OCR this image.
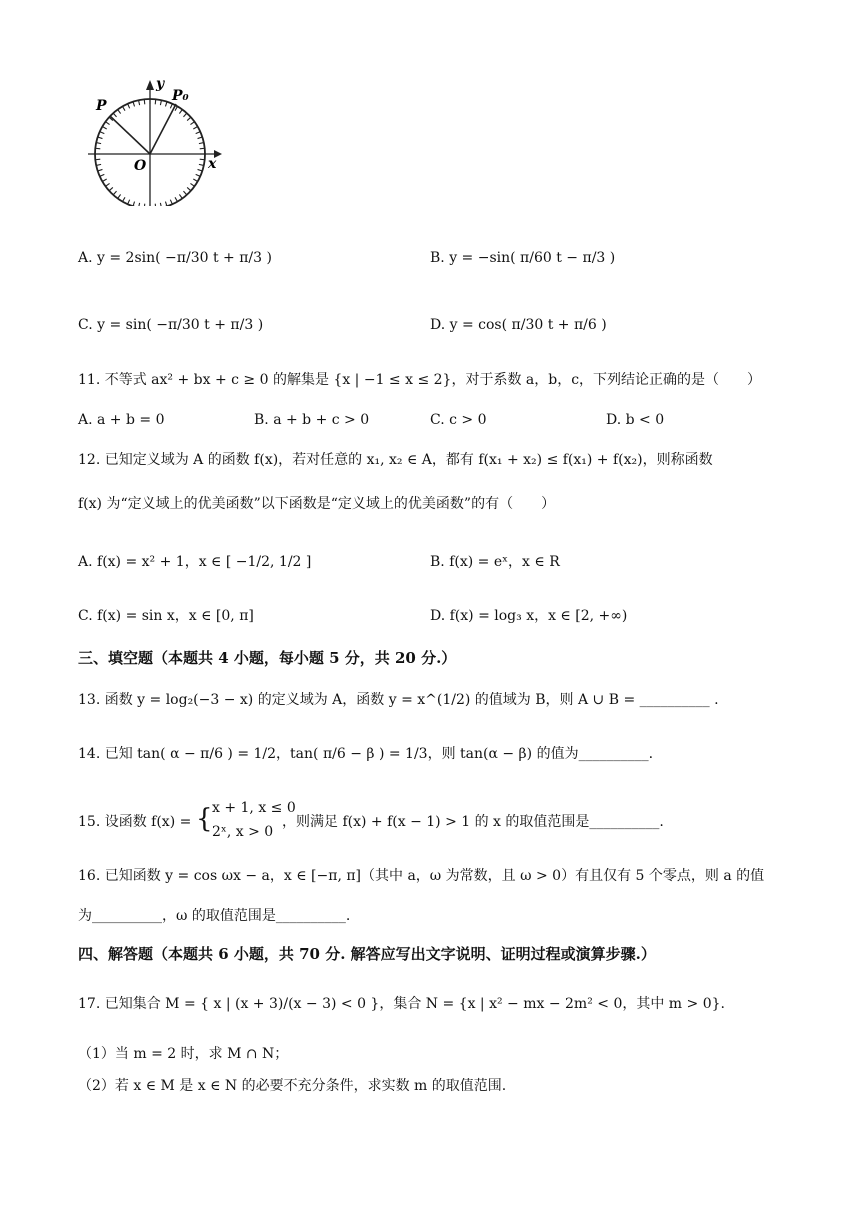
y
x
O
P
P₀
A. y = 2sin( −π/30 t + π/3 )	B. y = −sin( π/60 t − π/3 )
C. y = sin( −π/30 t + π/3 )	D. y = cos( π/30 t + π/6 )
11. 不等式 ax² + bx + c ≥ 0 的解集是 {x | −1 ≤ x ≤ 2}，对于系数 a，b，c，下列结论正确的是（　　）
A. a + b = 0	B. a + b + c > 0	C. c > 0	D. b < 0
12. 已知定义域为 A 的函数 f(x)，若对任意的 x₁, x₂ ∈ A，都有 f(x₁ + x₂) ≤ f(x₁) + f(x₂)，则称函数
f(x) 为“定义域上的优美函数”以下函数是“定义域上的优美函数”的有（　　）
A. f(x) = x² + 1，x ∈ [ −1/2, 1/2 ]	B. f(x) = eˣ，x ∈ R
C. f(x) = sin x，x ∈ [0, π]	D. f(x) = log₃ x，x ∈ [2, +∞)
三、填空题（本题共 4 小题，每小题 5 分，共 20 分.）
13. 函数 y = log₂(−3 − x) 的定义域为 A，函数 y = x^(1/2) 的值域为 B，则 A ∪ B = __________ .
14. 已知 tan( α − π/6 ) = 1/2，tan( π/6 − β ) = 1/3，则 tan(α − β) 的值为__________.
15. 设函数 f(x) = { x + 1, x ≤ 0
2ˣ, x > 0
，则满足 f(x) + f(x − 1) > 1 的 x 的取值范围是__________.
16. 已知函数 y = cos ωx − a，x ∈ [−π, π]（其中 a，ω 为常数，且 ω > 0）有且仅有 5 个零点，则 a 的值
为__________，ω 的取值范围是__________.
四、解答题（本题共 6 小题，共 70 分. 解答应写出文字说明、证明过程或演算步骤.）
17. 已知集合 M = { x | (x + 3)/(x − 3) < 0 }，集合 N = {x | x² − mx − 2m² < 0，其中 m > 0}.
（1）当 m = 2 时，求 M ∩ N；
（2）若 x ∈ M 是 x ∈ N 的必要不充分条件，求实数 m 的取值范围.
